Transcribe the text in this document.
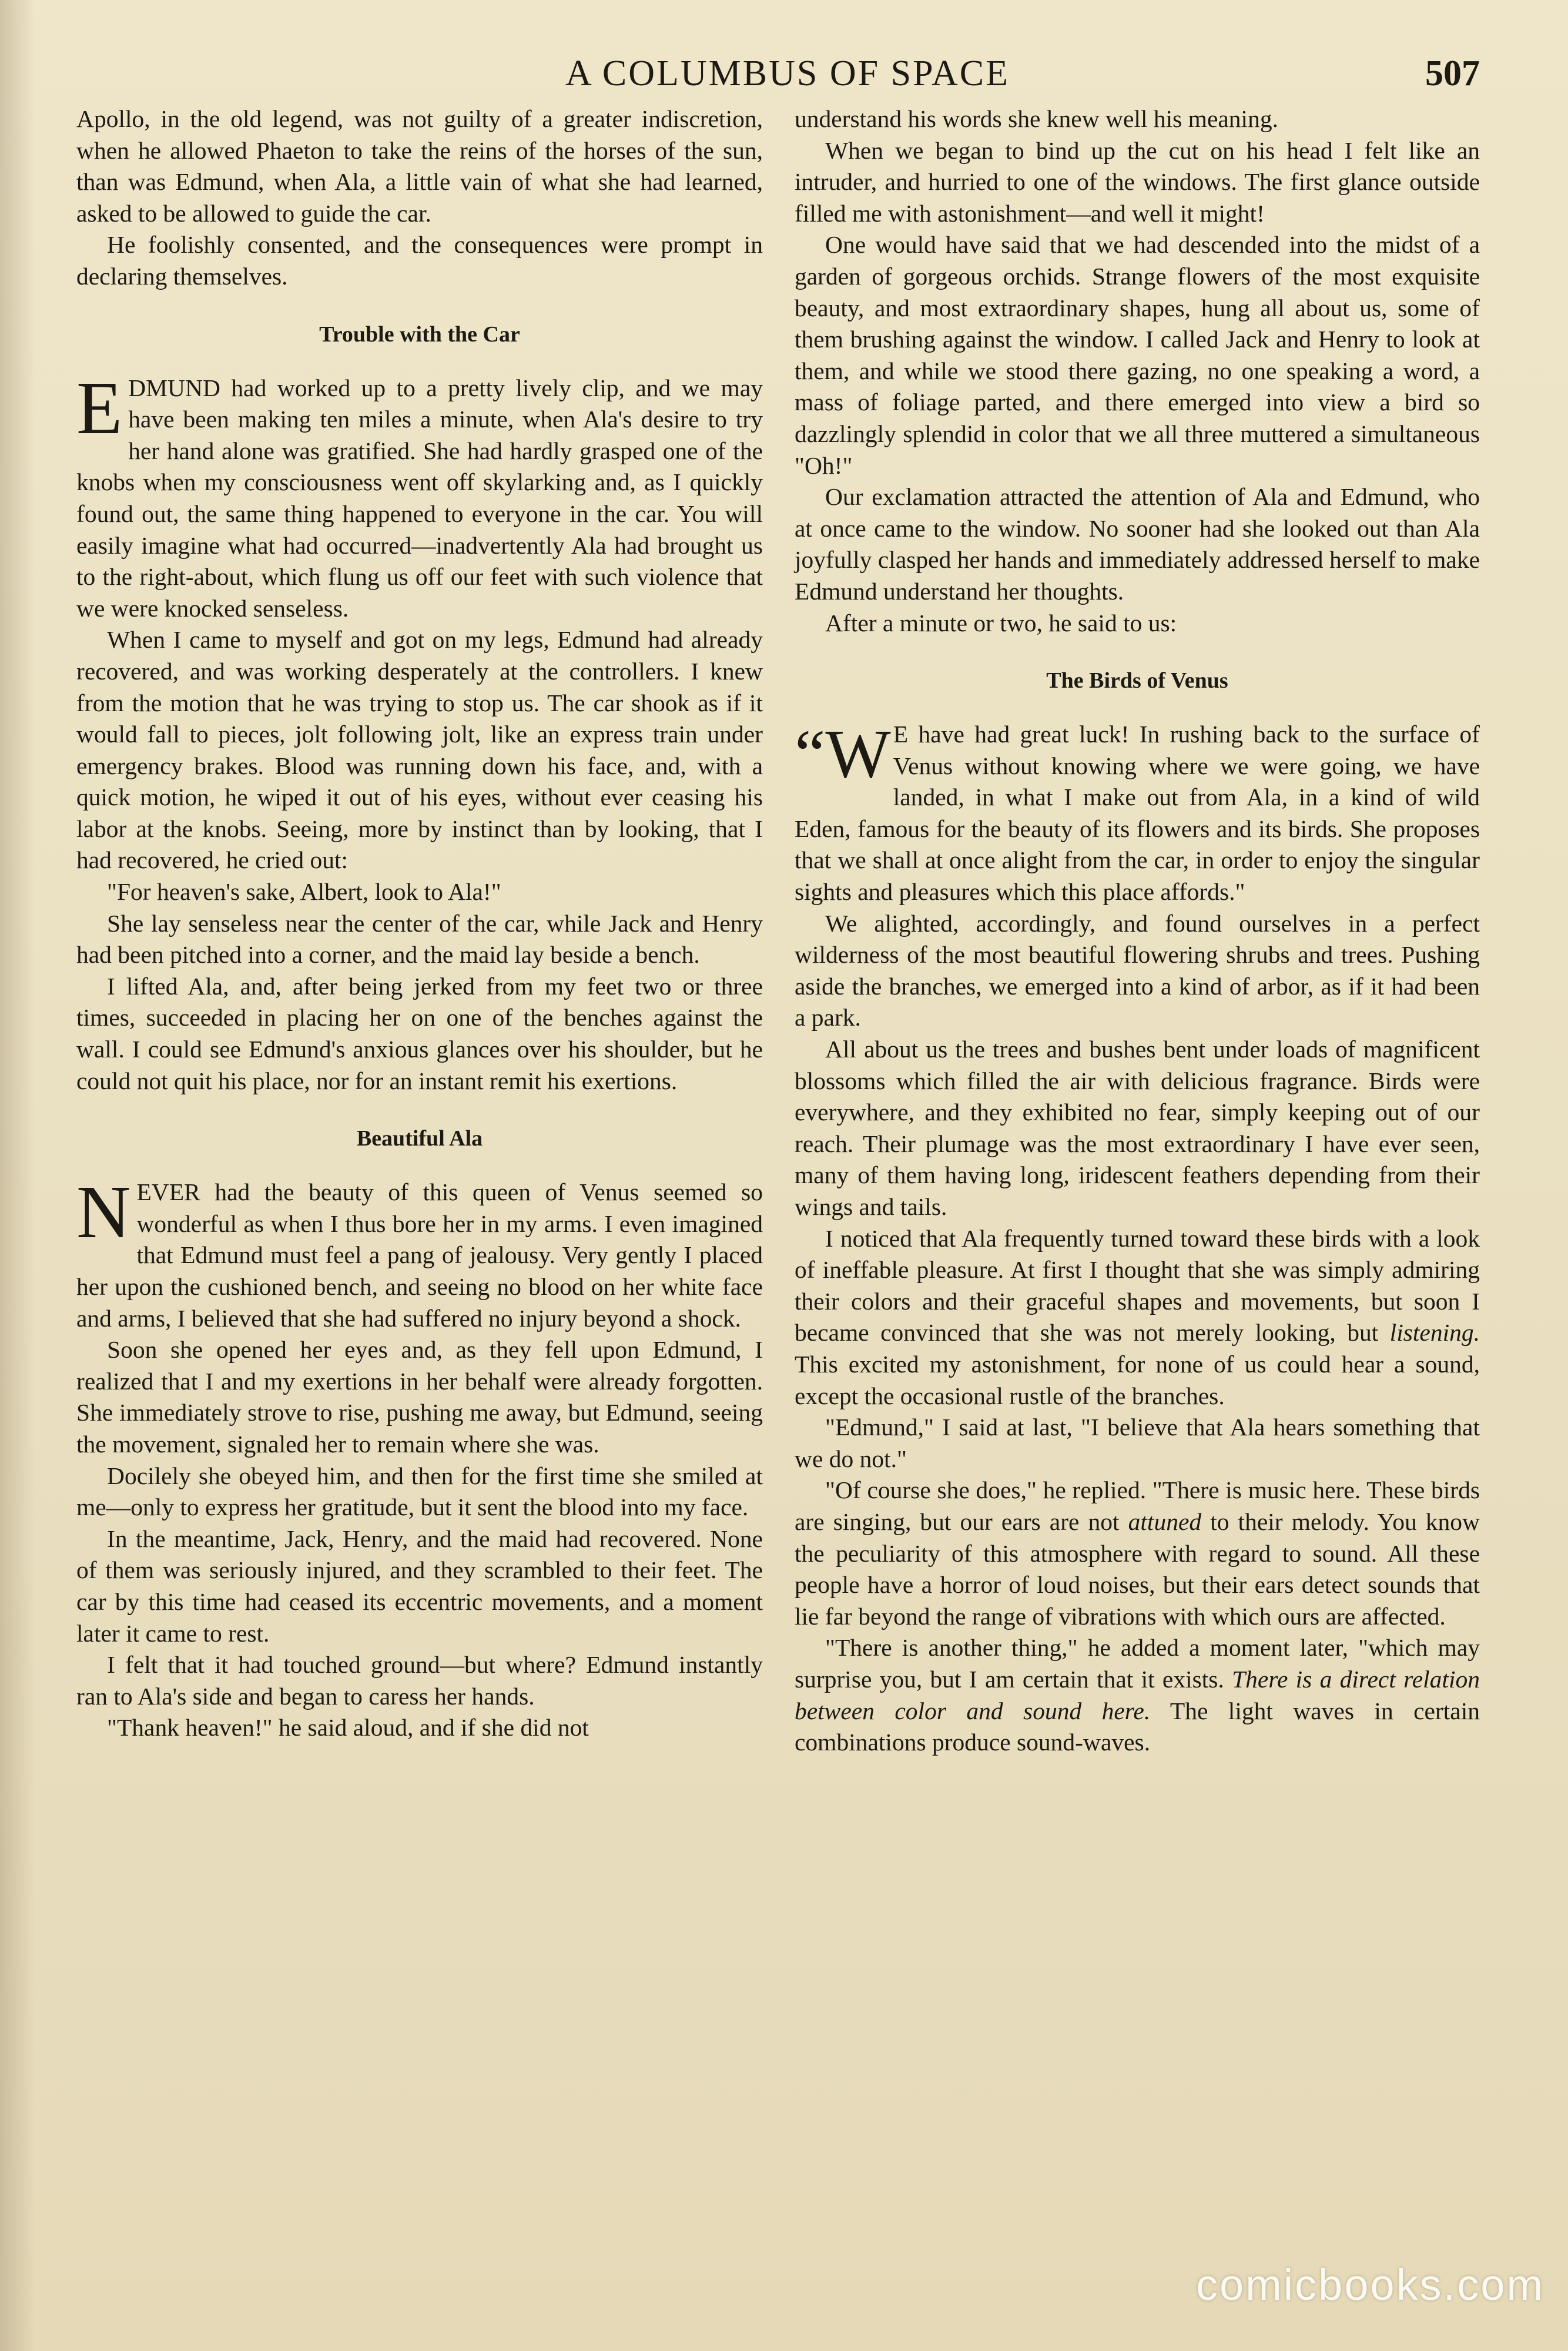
A COLUMBUS OF SPACE	507

Apollo, in the old legend, was not guilty of a greater indiscretion, when he allowed Phaeton to take the reins of the horses of the sun, than was Edmund, when Ala, a little vain of what she had learned, asked to be allowed to guide the car.

He foolishly consented, and the consequences were prompt in declaring themselves.

Trouble with the Car

EDMUND had worked up to a pretty lively clip, and we may have been making ten miles a minute, when Ala's desire to try her hand alone was gratified. She had hardly grasped one of the knobs when my consciousness went off skylarking and, as I quickly found out, the same thing happened to everyone in the car. You will easily imagine what had occurred—inadvertently Ala had brought us to the right-about, which flung us off our feet with such violence that we were knocked senseless.

When I came to myself and got on my legs, Edmund had already recovered, and was working desperately at the controllers. I knew from the motion that he was trying to stop us. The car shook as if it would fall to pieces, jolt following jolt, like an express train under emergency brakes. Blood was running down his face, and, with a quick motion, he wiped it out of his eyes, without ever ceasing his labor at the knobs. Seeing, more by instinct than by looking, that I had recovered, he cried out:

"For heaven's sake, Albert, look to Ala!"

She lay senseless near the center of the car, while Jack and Henry had been pitched into a corner, and the maid lay beside a bench.

I lifted Ala, and, after being jerked from my feet two or three times, succeeded in placing her on one of the benches against the wall. I could see Edmund's anxious glances over his shoulder, but he could not quit his place, nor for an instant remit his exertions.

Beautiful Ala

NEVER had the beauty of this queen of Venus seemed so wonderful as when I thus bore her in my arms. I even imagined that Edmund must feel a pang of jealousy. Very gently I placed her upon the cushioned bench, and seeing no blood on her white face and arms, I believed that she had suffered no injury beyond a shock.

Soon she opened her eyes and, as they fell upon Edmund, I realized that I and my exertions in her behalf were already forgotten. She immediately strove to rise, pushing me away, but Edmund, seeing the movement, signaled her to remain where she was.

Docilely she obeyed him, and then for the first time she smiled at me—only to express her gratitude, but it sent the blood into my face.

In the meantime, Jack, Henry, and the maid had recovered. None of them was seriously injured, and they scrambled to their feet. The car by this time had ceased its eccentric movements, and a moment later it came to rest.

I felt that it had touched ground—but where? Edmund instantly ran to Ala's side and began to caress her hands.

"Thank heaven!" he said aloud, and if she did not

understand his words she knew well his meaning.

When we began to bind up the cut on his head I felt like an intruder, and hurried to one of the windows. The first glance outside filled me with astonishment—and well it might!

One would have said that we had descended into the midst of a garden of gorgeous orchids. Strange flowers of the most exquisite beauty, and most extraordinary shapes, hung all about us, some of them brushing against the window. I called Jack and Henry to look at them, and while we stood there gazing, no one speaking a word, a mass of foliage parted, and there emerged into view a bird so dazzlingly splendid in color that we all three muttered a simultaneous "Oh!"

Our exclamation attracted the attention of Ala and Edmund, who at once came to the window. No sooner had she looked out than Ala joyfully clasped her hands and immediately addressed herself to make Edmund understand her thoughts.

After a minute or two, he said to us:

The Birds of Venus

“W E have had great luck! In rushing back to the surface of Venus without knowing where we were going, we have landed, in what I make out from Ala, in a kind of wild Eden, famous for the beauty of its flowers and its birds. She proposes that we shall at once alight from the car, in order to enjoy the singular sights and pleasures which this place affords."

We alighted, accordingly, and found ourselves in a perfect wilderness of the most beautiful flowering shrubs and trees. Pushing aside the branches, we emerged into a kind of arbor, as if it had been a park.

All about us the trees and bushes bent under loads of magnificent blossoms which filled the air with delicious fragrance. Birds were everywhere, and they exhibited no fear, simply keeping out of our reach. Their plumage was the most extraordinary I have ever seen, many of them having long, iridescent feathers depending from their wings and tails.

I noticed that Ala frequently turned toward these birds with a look of ineffable pleasure. At first I thought that she was simply admiring their colors and their graceful shapes and movements, but soon I became convinced that she was not merely looking, but listening. This excited my astonishment, for none of us could hear a sound, except the occasional rustle of the branches.

"Edmund," I said at last, "I believe that Ala hears something that we do not."

"Of course she does," he replied. "There is music here. These birds are singing, but our ears are not attuned to their melody. You know the peculiarity of this atmosphere with regard to sound. All these people have a horror of loud noises, but their ears detect sounds that lie far beyond the range of vibrations with which ours are affected.

"There is another thing," he added a moment later, "which may surprise you, but I am certain that it exists. There is a direct relation between color and sound here. The light waves in certain combinations produce sound-waves.

comicbooks.com
